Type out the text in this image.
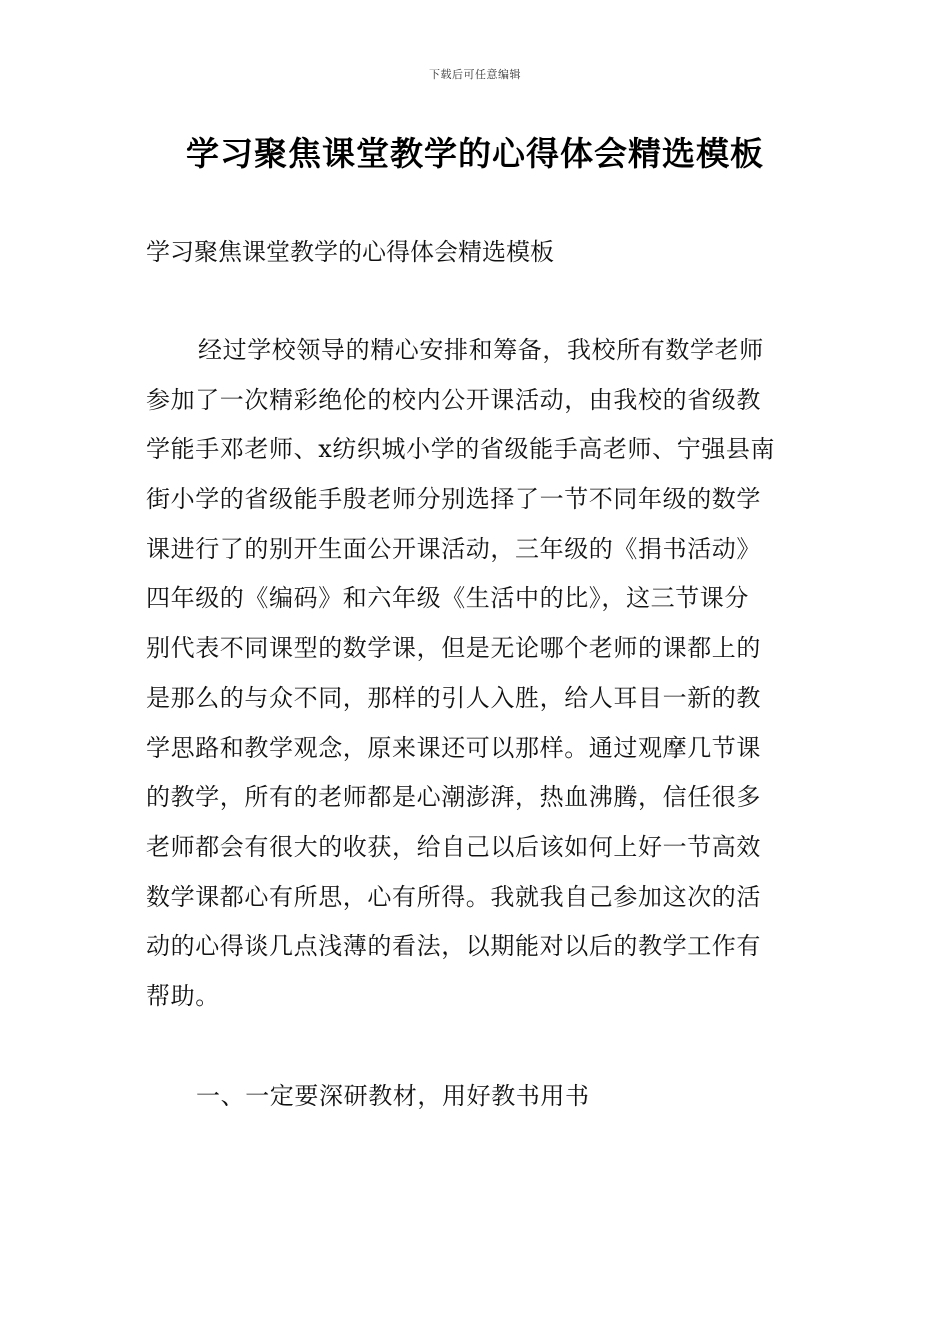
下载后可任意编辑
学习聚焦课堂教学的心得体会精选模板

学习聚焦课堂教学的心得体会精选模板

经过学校领导的精心安排和筹备，我校所有数学老师
参加了一次精彩绝伦的校内公开课活动，由我校的省级教
学能手邓老师、x纺织城小学的省级能手高老师、宁强县南
街小学的省级能手殷老师分别选择了一节不同年级的数学
课进行了的别开生面公开课活动，三年级的《捐书活动》
四年级的《编码》和六年级《生活中的比》，这三节课分
别代表不同课型的数学课，但是无论哪个老师的课都上的
是那么的与众不同，那样的引人入胜，给人耳目一新的教
学思路和教学观念，原来课还可以那样。通过观摩几节课
的教学，所有的老师都是心潮澎湃，热血沸腾，信任很多
老师都会有很大的收获，给自己以后该如何上好一节高效
数学课都心有所思，心有所得。我就我自己参加这次的活
动的心得谈几点浅薄的看法，以期能对以后的教学工作有
帮助。

一、一定要深研教材，用好教书用书
